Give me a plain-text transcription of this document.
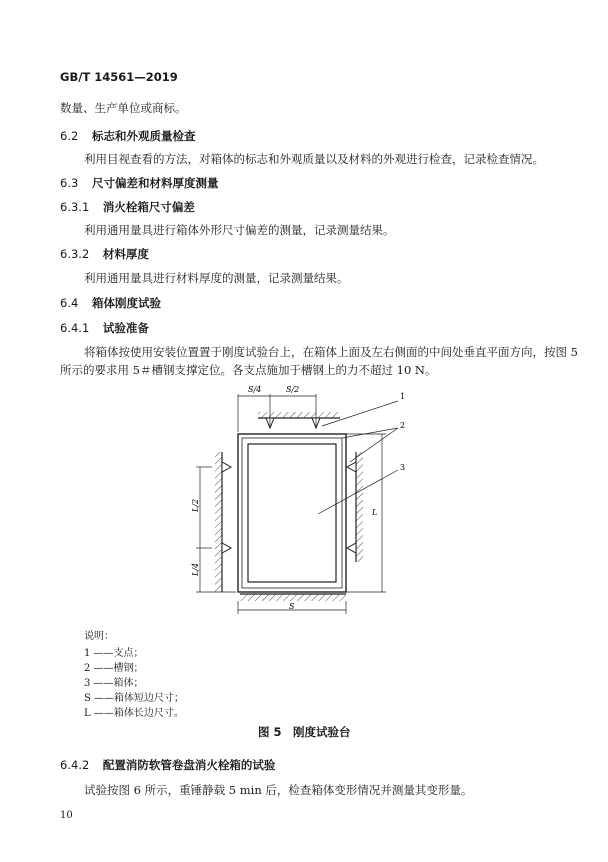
GB/T 14561—2019
数量、生产单位或商标。
6.2 标志和外观质量检查
利用目视查看的方法，对箱体的标志和外观质量以及材料的外观进行检查，记录检查情况。
6.3 尺寸偏差和材料厚度测量
6.3.1 消火栓箱尺寸偏差
利用通用量具进行箱体外形尺寸偏差的测量，记录测量结果。
6.3.2 材料厚度
利用通用量具进行材料厚度的测量，记录测量结果。
6.4 箱体刚度试验
6.4.1 试验准备
将箱体按使用安装位置置于刚度试验台上，在箱体上面及左右侧面的中间处垂直平面方向，按图 5
所示的要求用 5＃槽钢支撑定位。各支点施加于槽钢上的力不超过 10 N。
S/4	S/2
L/2
L/4
L
S
1
2
3
说明：
1 ——支点；
2 ——槽钢；
3 ——箱体；
S ——箱体短边尺寸；
L ——箱体长边尺寸。
图 5　刚度试验台
6.4.2 配置消防软管卷盘消火栓箱的试验
试验按图 6 所示，重锤静载 5 min 后，检查箱体变形情况并测量其变形量。
10
